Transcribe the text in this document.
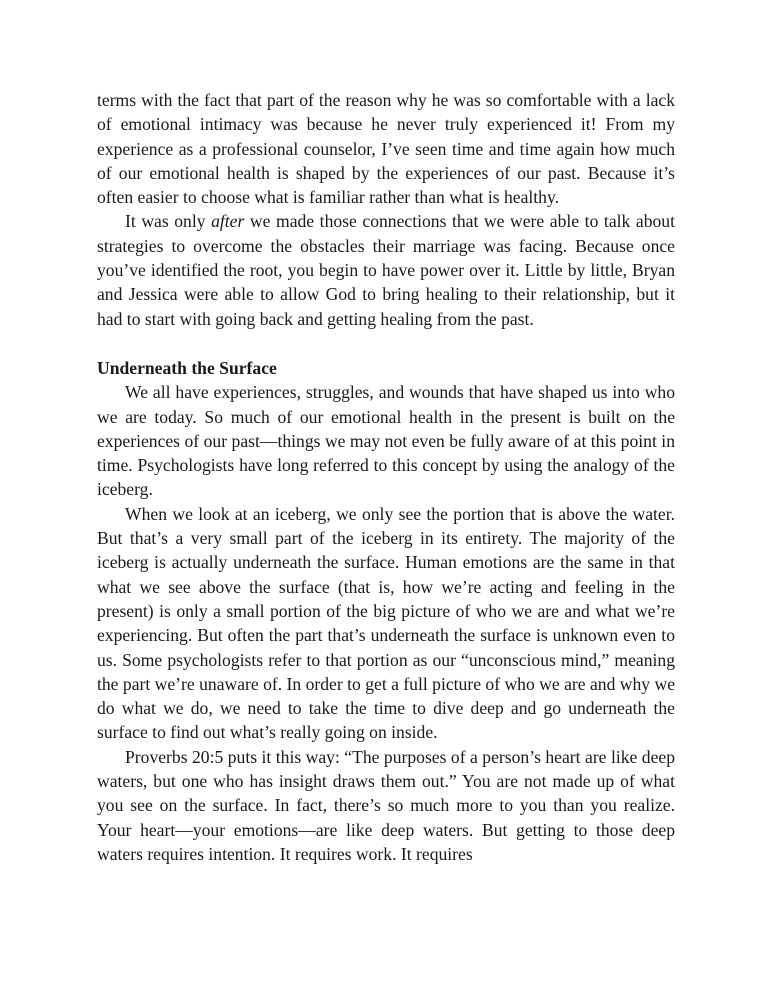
terms with the fact that part of the reason why he was so comfortable with a lack of emotional intimacy was because he never truly experienced it! From my experience as a professional counselor, I’ve seen time and time again how much of our emotional health is shaped by the experiences of our past. Because it’s often easier to choose what is familiar rather than what is healthy.

It was only after we made those connections that we were able to talk about strategies to overcome the obstacles their marriage was facing. Because once you’ve identified the root, you begin to have power over it. Little by little, Bryan and Jessica were able to allow God to bring healing to their relationship, but it had to start with going back and getting healing from the past.

Underneath the Surface

We all have experiences, struggles, and wounds that have shaped us into who we are today. So much of our emotional health in the present is built on the experiences of our past—things we may not even be fully aware of at this point in time. Psychologists have long referred to this concept by using the analogy of the iceberg.

When we look at an iceberg, we only see the portion that is above the water. But that’s a very small part of the iceberg in its entirety. The majority of the iceberg is actually underneath the surface. Human emotions are the same in that what we see above the surface (that is, how we’re acting and feeling in the present) is only a small portion of the big picture of who we are and what we’re experiencing. But often the part that’s underneath the surface is unknown even to us. Some psychologists refer to that portion as our “unconscious mind,” meaning the part we’re unaware of. In order to get a full picture of who we are and why we do what we do, we need to take the time to dive deep and go underneath the surface to find out what’s really going on inside.

Proverbs 20:5 puts it this way: “The purposes of a person’s heart are like deep waters, but one who has insight draws them out.” You are not made up of what you see on the surface. In fact, there’s so much more to you than you realize. Your heart—your emotions—are like deep waters. But getting to those deep waters requires intention. It requires work. It requires
